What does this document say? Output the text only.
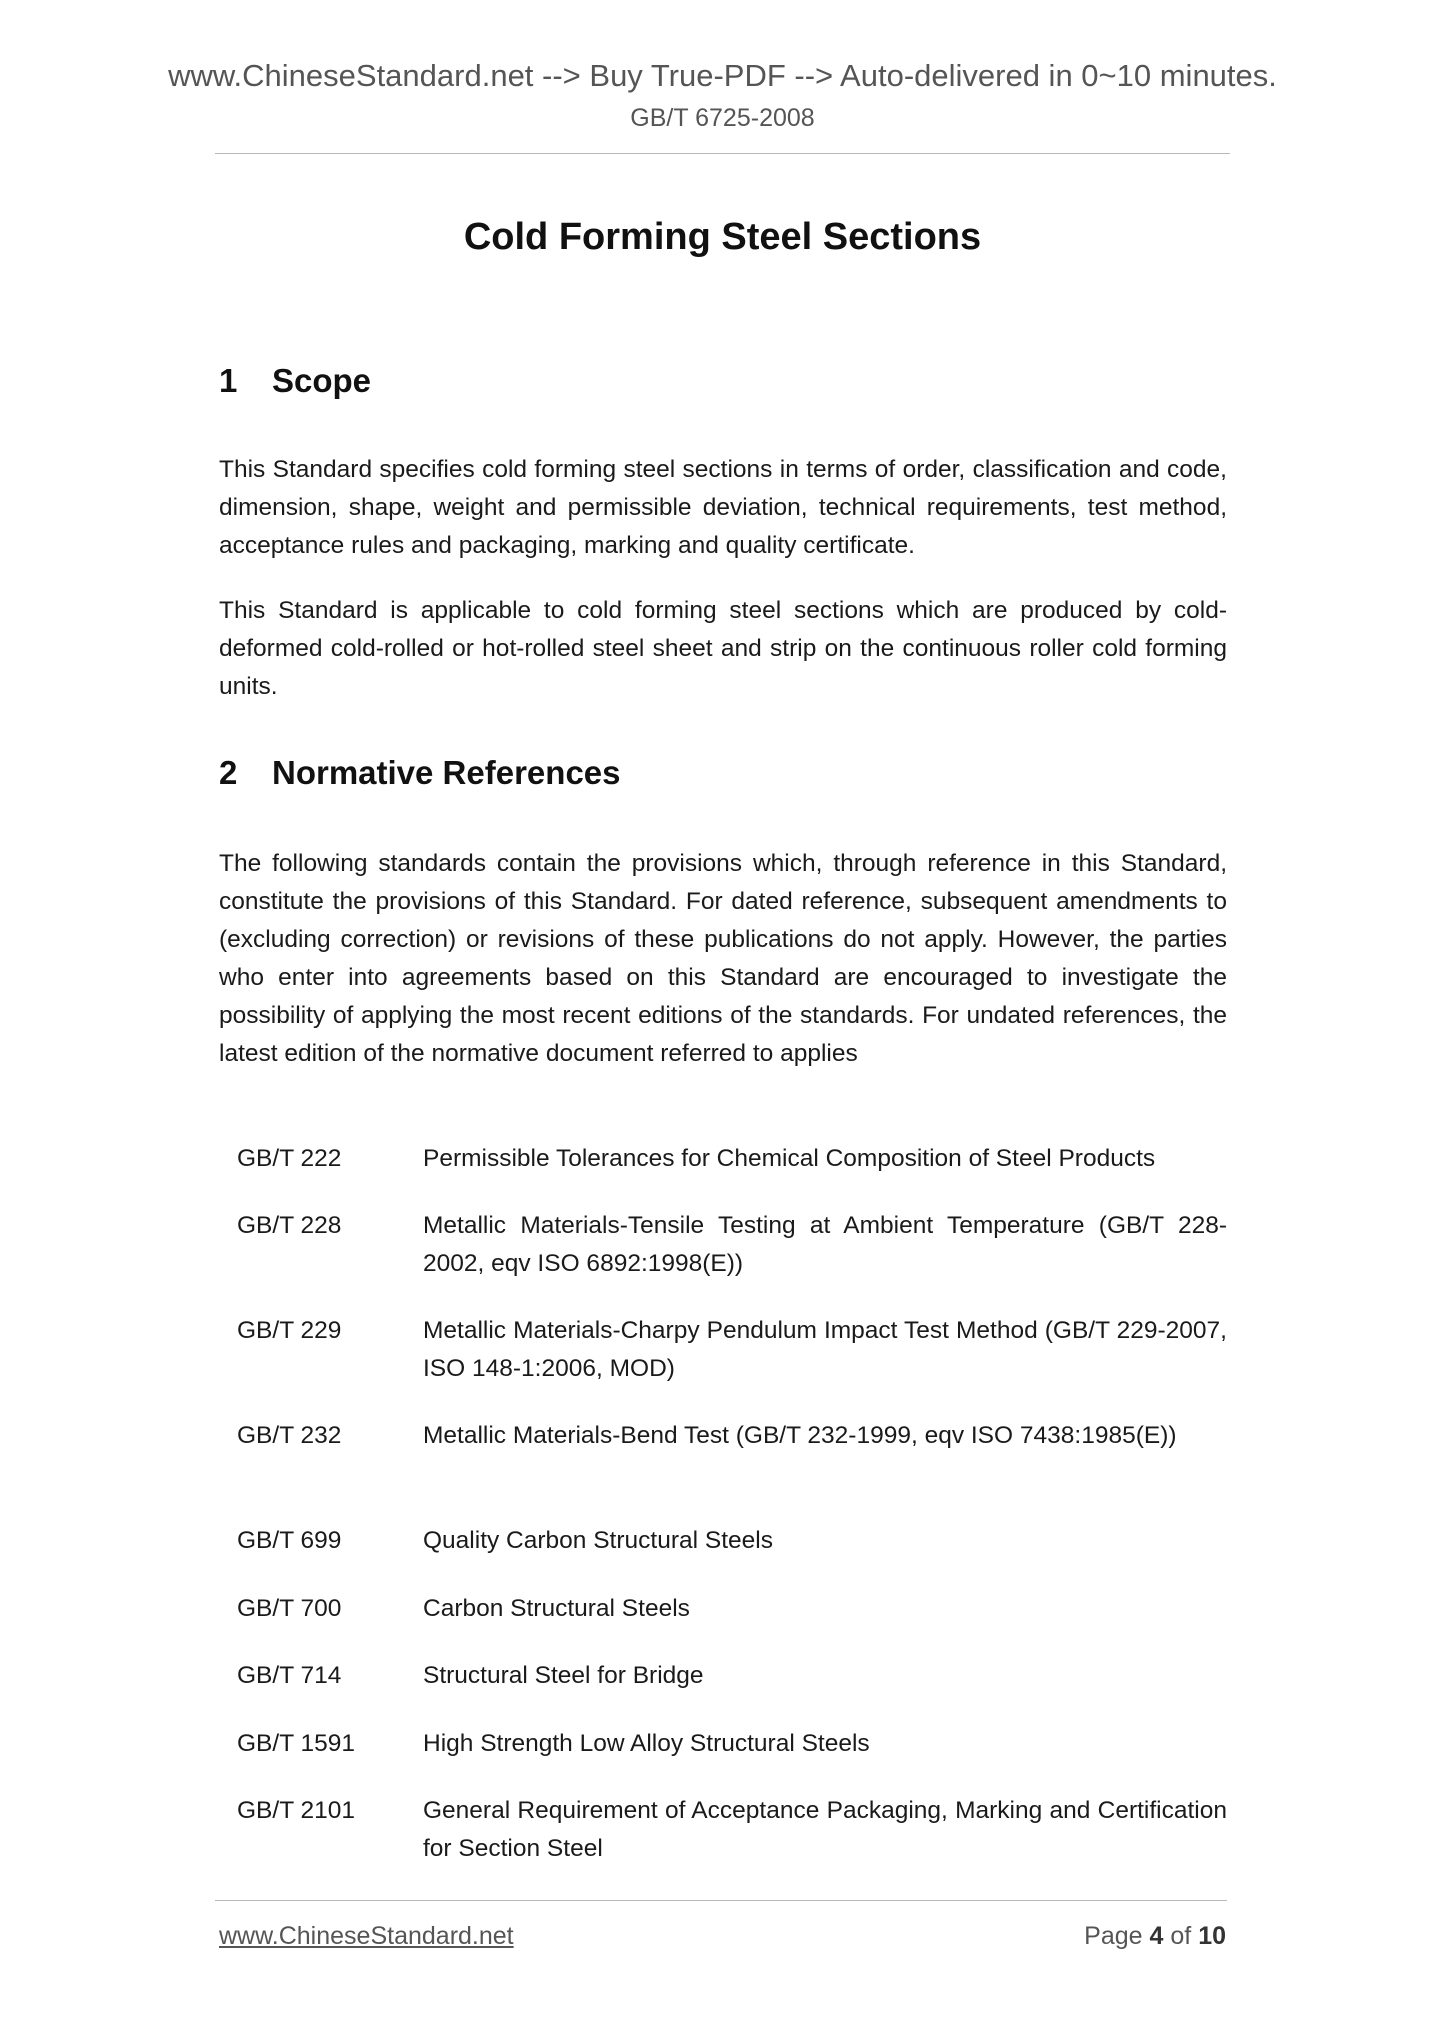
www.ChineseStandard.net --> Buy True-PDF --> Auto-delivered in 0~10 minutes.
GB/T 6725-2008
Cold Forming Steel Sections
1 Scope
This Standard specifies cold forming steel sections in terms of order, classification and code, dimension, shape, weight and permissible deviation, technical requirements, test method, acceptance rules and packaging, marking and quality certificate.
This Standard is applicable to cold forming steel sections which are produced by cold-deformed cold-rolled or hot-rolled steel sheet and strip on the continuous roller cold forming units.
2 Normative References
The following standards contain the provisions which, through reference in this Standard, constitute the provisions of this Standard. For dated reference, subsequent amendments to (excluding correction) or revisions of these publications do not apply. However, the parties who enter into agreements based on this Standard are encouraged to investigate the possibility of applying the most recent editions of the standards. For undated references, the latest edition of the normative document referred to applies
GB/T 222	Permissible Tolerances for Chemical Composition of Steel Products
GB/T 228	Metallic Materials-Tensile Testing at Ambient Temperature (GB/T 228-2002, eqv ISO 6892:1998(E))
GB/T 229	Metallic Materials-Charpy Pendulum Impact Test Method (GB/T 229-2007, ISO 148-1:2006, MOD)
GB/T 232	Metallic Materials-Bend Test (GB/T 232-1999, eqv ISO 7438:1985(E))
GB/T 699	Quality Carbon Structural Steels
GB/T 700	Carbon Structural Steels
GB/T 714	Structural Steel for Bridge
GB/T 1591	High Strength Low Alloy Structural Steels
GB/T 2101	General Requirement of Acceptance Packaging, Marking and Certification for Section Steel
www.ChineseStandard.net	Page 4 of 10
